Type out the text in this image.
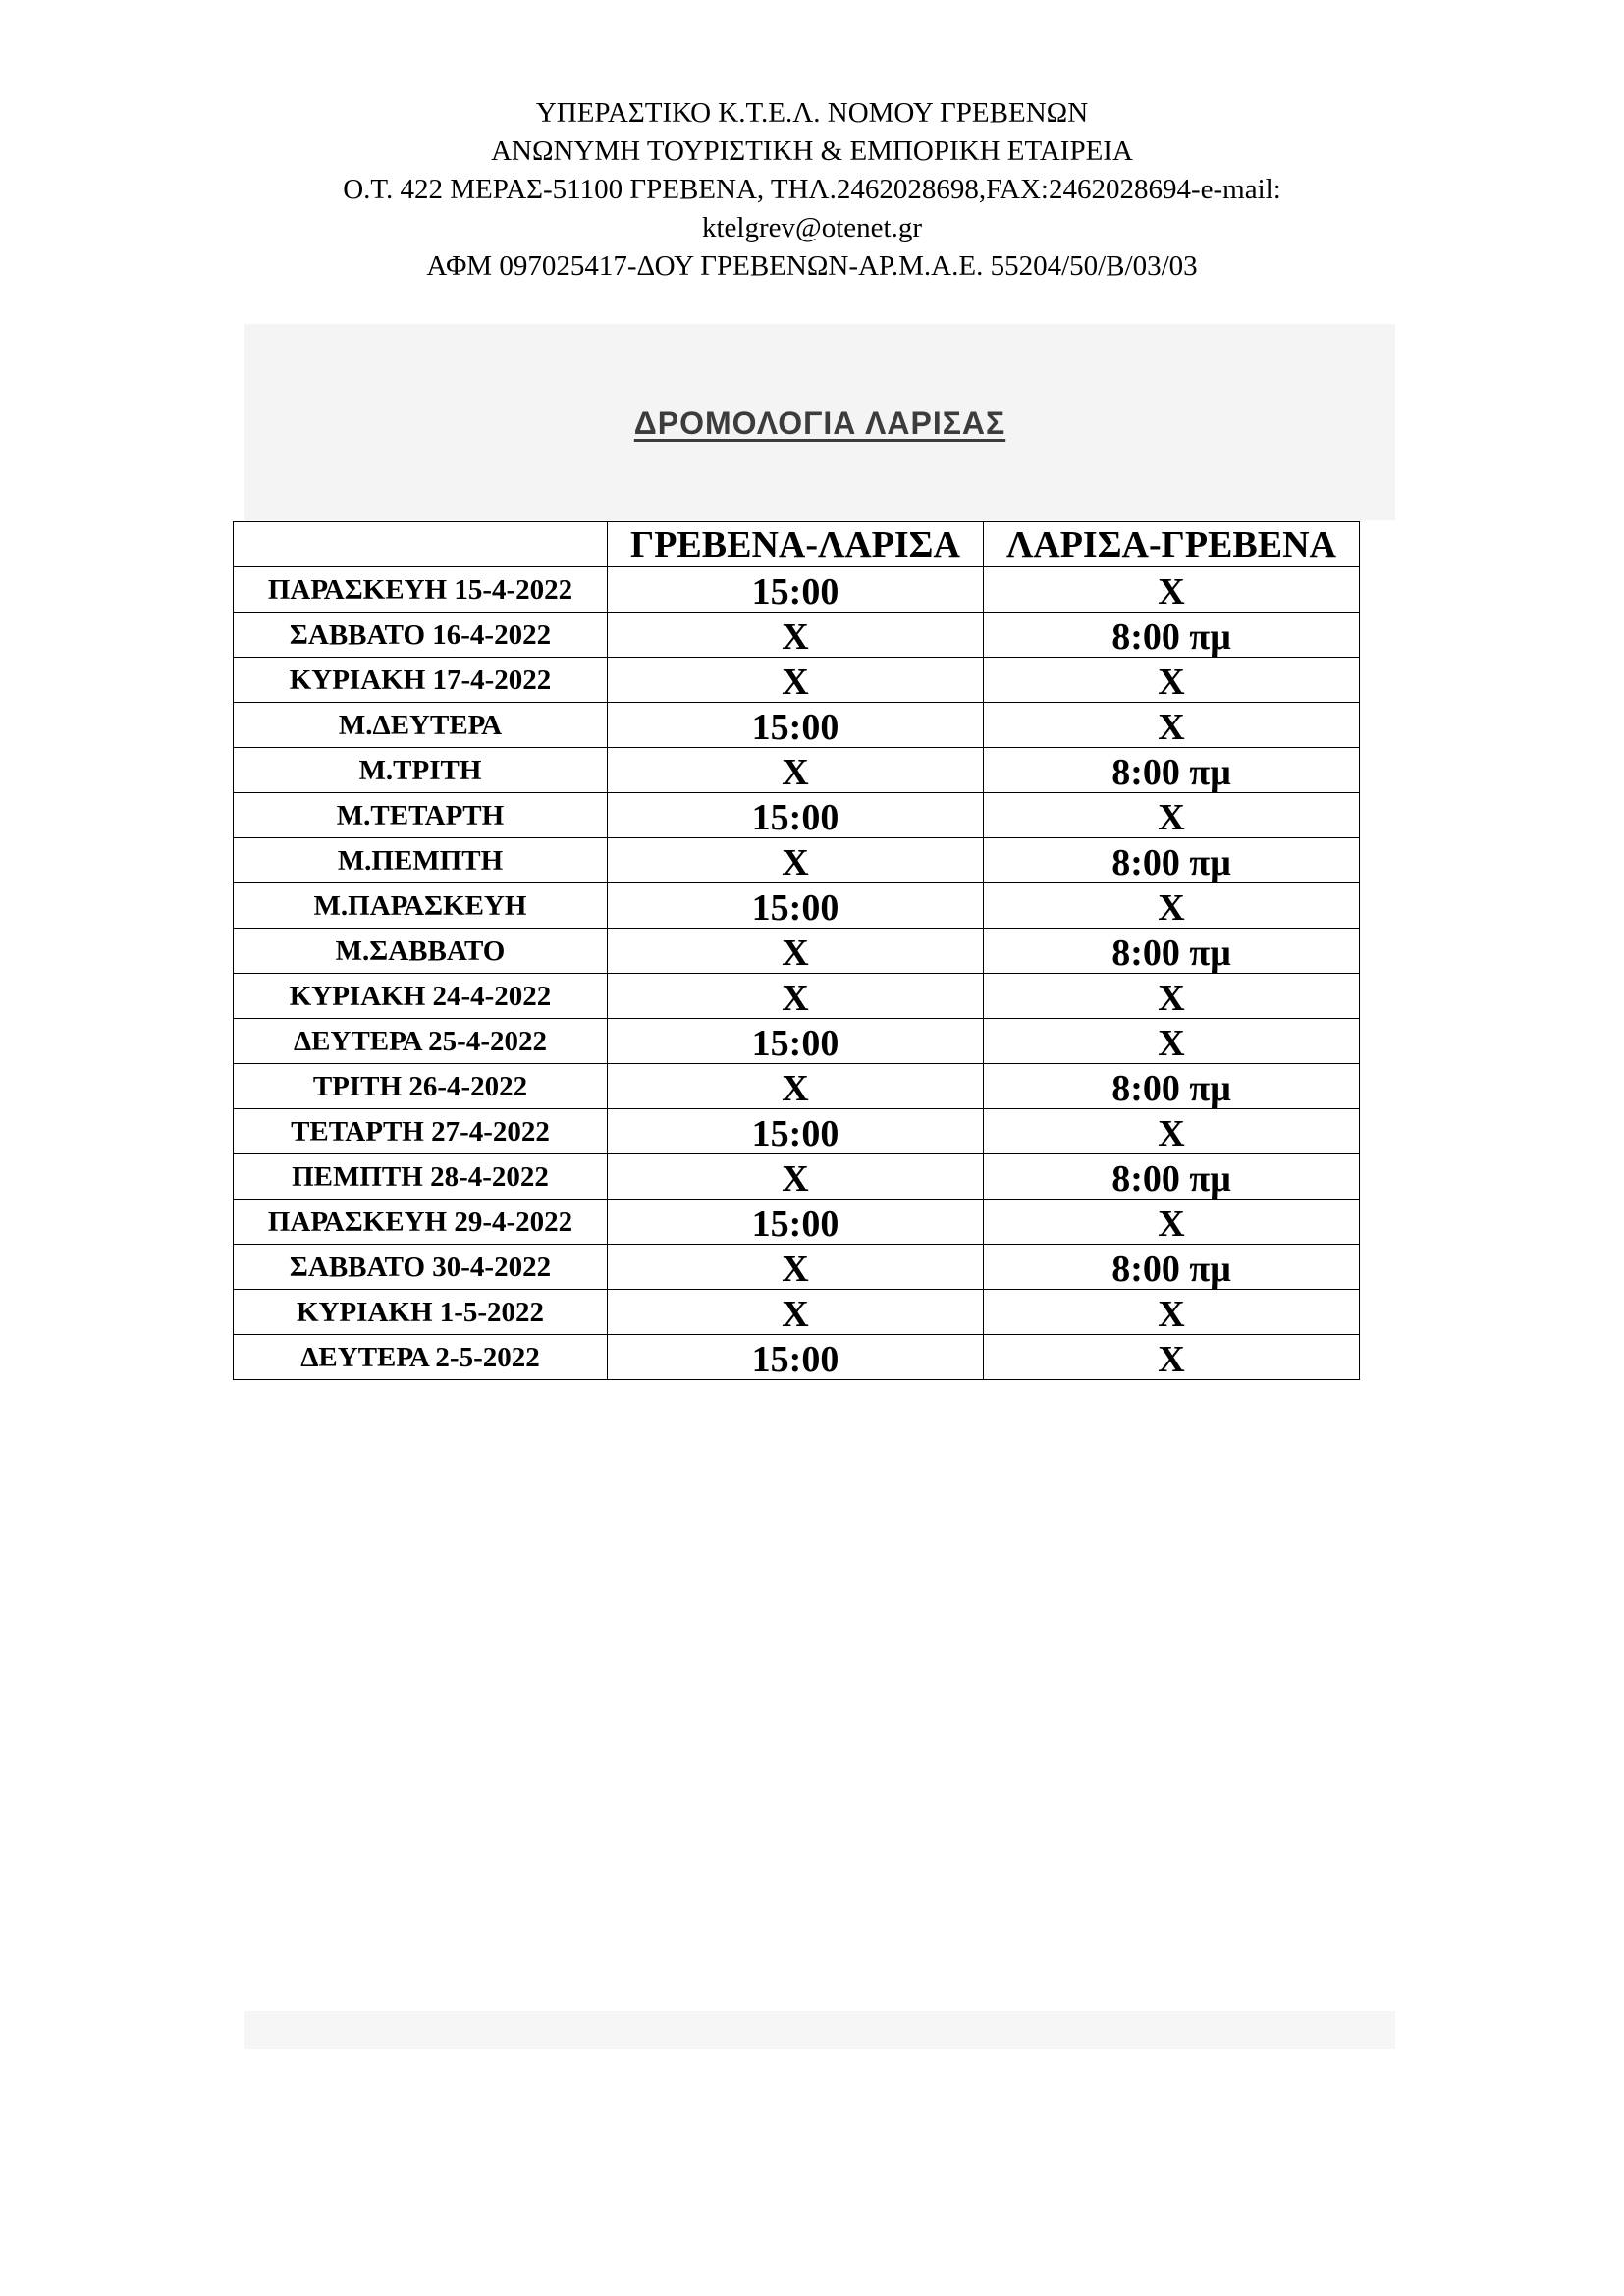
ΥΠΕΡΑΣΤΙΚΟ Κ.Τ.Ε.Λ. ΝΟΜΟΥ ΓΡΕΒΕΝΩΝ
ΑΝΩΝΥΜΗ ΤΟΥΡΙΣΤΙΚΗ & ΕΜΠΟΡΙΚΗ ΕΤΑΙΡΕΙΑ
Ο.Τ. 422 ΜΕΡΑΣ-51100 ΓΡΕΒΕΝΑ, ΤΗΛ.2462028698,FAX:2462028694-e-mail:
ktelgrev@otenet.gr
ΑΦΜ 097025417-ΔΟΥ ΓΡΕΒΕΝΩΝ-ΑΡ.Μ.Α.Ε. 55204/50/Β/03/03
ΔΡΟΜΟΛΟΓΙΑ ΛΑΡΙΣΑΣ
	ΓΡΕΒΕΝΑ-ΛΑΡΙΣΑ	ΛΑΡΙΣΑ-ΓΡΕΒΕΝΑ
ΠΑΡΑΣΚΕΥΗ 15-4-2022	15:00	Χ
ΣΑΒΒΑΤΟ 16-4-2022	Χ	8:00 πμ
ΚΥΡΙΑΚΗ 17-4-2022	Χ	Χ
Μ.ΔΕΥΤΕΡΑ	15:00	Χ
Μ.ΤΡΙΤΗ	Χ	8:00 πμ
Μ.ΤΕΤΑΡΤΗ	15:00	Χ
Μ.ΠΕΜΠΤΗ	Χ	8:00 πμ
Μ.ΠΑΡΑΣΚΕΥΗ	15:00	Χ
Μ.ΣΑΒΒΑΤΟ	Χ	8:00 πμ
ΚΥΡΙΑΚΗ 24-4-2022	Χ	Χ
ΔΕΥΤΕΡΑ 25-4-2022	15:00	Χ
ΤΡΙΤΗ 26-4-2022	Χ	8:00 πμ
ΤΕΤΑΡΤΗ 27-4-2022	15:00	Χ
ΠΕΜΠΤΗ 28-4-2022	Χ	8:00 πμ
ΠΑΡΑΣΚΕΥΗ 29-4-2022	15:00	Χ
ΣΑΒΒΑΤΟ 30-4-2022	Χ	8:00 πμ
ΚΥΡΙΑΚΗ 1-5-2022	Χ	Χ
ΔΕΥΤΕΡΑ 2-5-2022	15:00	Χ
